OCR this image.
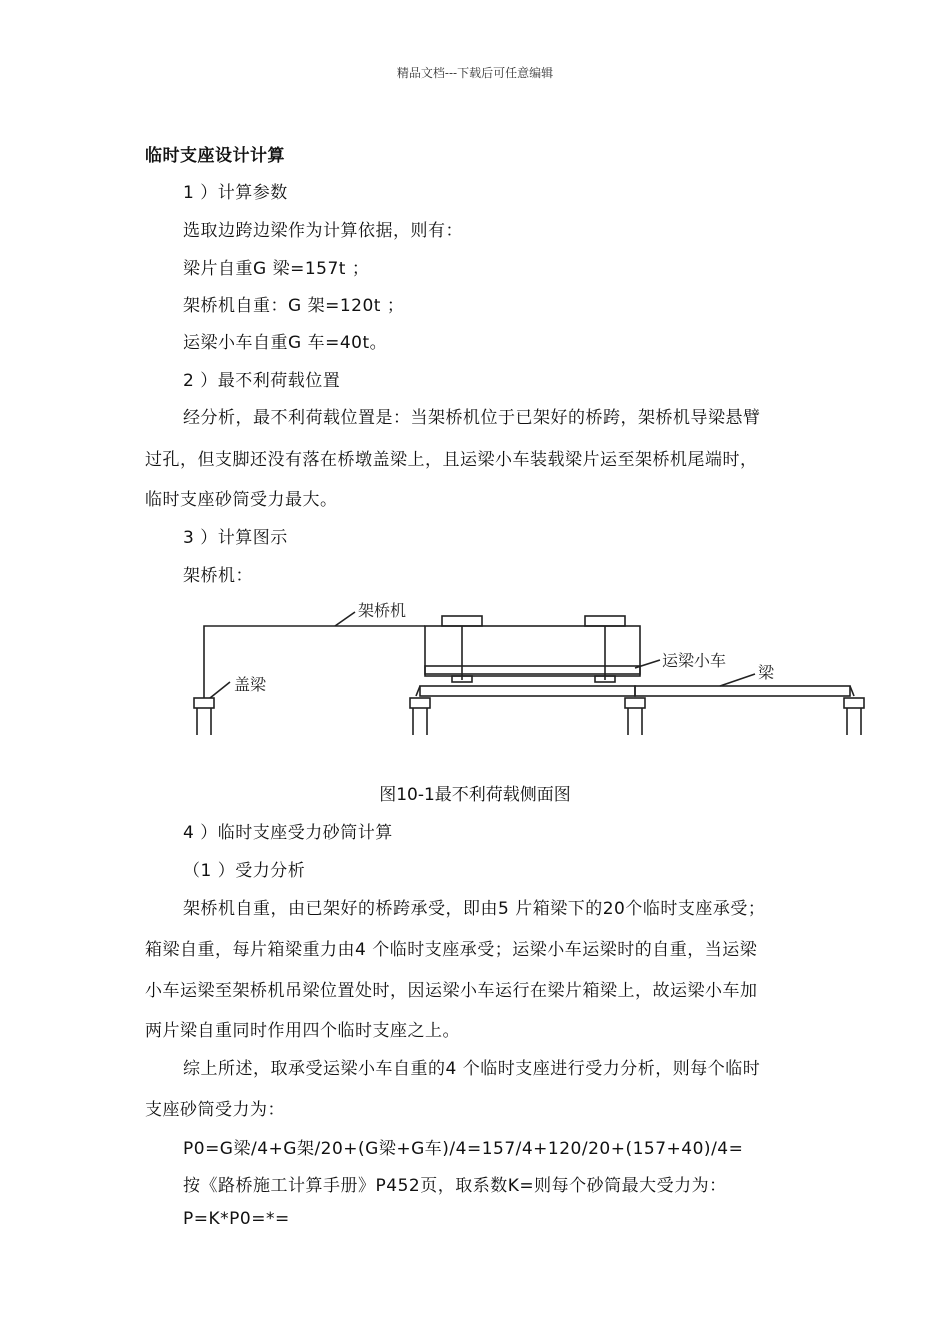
精品文档---下载后可任意编辑
临时支座设计计算
1 ）计算参数
选取边跨边梁作为计算依据，则有：
梁片自重G 梁=157t ；
架桥机自重：G 架=120t ；
运梁小车自重G 车=40t。
2 ）最不利荷载位置
经分析，最不利荷载位置是：当架桥机位于已架好的桥跨，架桥机导梁悬臂
过孔，但支脚还没有落在桥墩盖梁上，且运梁小车装载梁片运至架桥机尾端时，
临时支座砂筒受力最大。
3 ）计算图示
架桥机：
架桥机
盖梁
运梁小车
梁
图10-1最不利荷载侧面图
4 ）临时支座受力砂筒计算
（1 ）受力分析
架桥机自重，由已架好的桥跨承受，即由5 片箱梁下的20个临时支座承受；
箱梁自重，每片箱梁重力由4 个临时支座承受；运梁小车运梁时的自重，当运梁
小车运梁至架桥机吊梁位置处时，因运梁小车运行在梁片箱梁上，故运梁小车加
两片梁自重同时作用四个临时支座之上。
综上所述，取承受运梁小车自重的4 个临时支座进行受力分析，则每个临时
支座砂筒受力为：
P0=G梁/4+G架/20+(G梁+G车)/4=157/4+120/20+(157+40)/4=
按《路桥施工计算手册》P452页，取系数K=则每个砂筒最大受力为：
P=K*P0=*=
